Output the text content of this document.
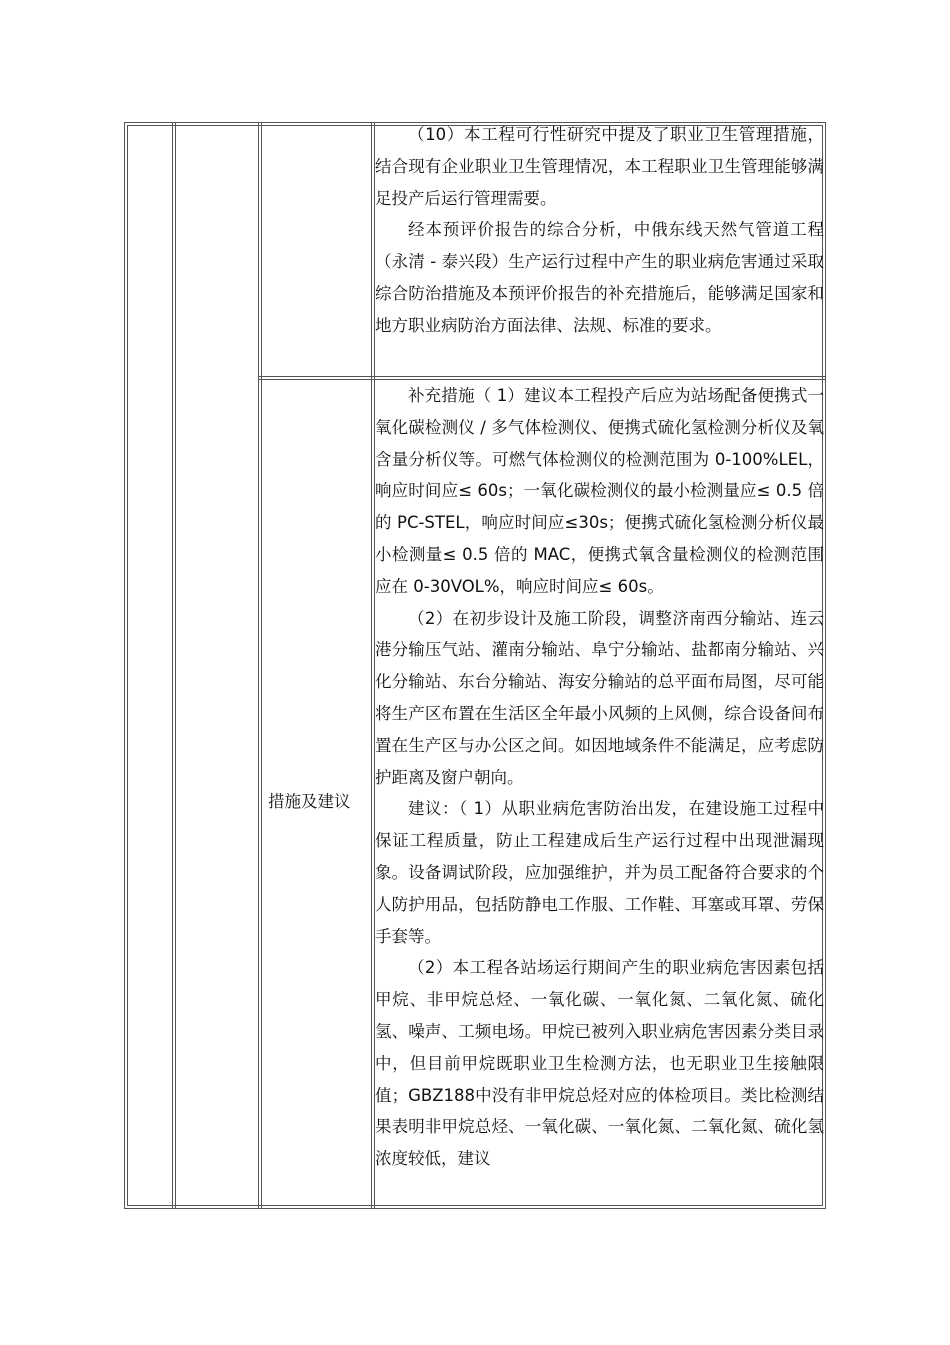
（10）本工程可行性研究中提及了职业卫生管理措施，结合现有企业职业卫生管理情况，本工程职业卫生管理能够满足投产后运行管理需要。
经本预评价报告的综合分析，中俄东线天然气管道工程（永清 - 泰兴段）生产运行过程中产生的职业病危害通过采取综合防治措施及本预评价报告的补充措施后，能够满足国家和地方职业病防治方面法律、法规、标准的要求。
措施及建议
补充措施（ 1）建议本工程投产后应为站场配备便携式一氧化碳检测仪 / 多气体检测仪、便携式硫化氢检测分析仪及氧含量分析仪等。可燃气体检测仪的检测范围为 0-100%LEL，响应时间应≤ 60s；一氧化碳检测仪的最小检测量应≤ 0.5 倍的 PC-STEL，响应时间应≤30s；便携式硫化氢检测分析仪最小检测量≤ 0.5 倍的 MAC，便携式氧含量检测仪的检测范围应在 0-30VOL%，响应时间应≤ 60s。
（2）在初步设计及施工阶段，调整济南西分输站、连云港分输压气站、灌南分输站、阜宁分输站、盐都南分输站、兴化分输站、东台分输站、海安分输站的总平面布局图，尽可能将生产区布置在生活区全年最小风频的上风侧，综合设备间布置在生产区与办公区之间。如因地域条件不能满足，应考虑防护距离及窗户朝向。
建议：（ 1）从职业病危害防治出发，在建设施工过程中保证工程质量，防止工程建成后生产运行过程中出现泄漏现象。设备调试阶段，应加强维护，并为员工配备符合要求的个人防护用品，包括防静电工作服、工作鞋、耳塞或耳罩、劳保手套等。
（2）本工程各站场运行期间产生的职业病危害因素包括甲烷、非甲烷总烃、一氧化碳、一氧化氮、二氧化氮、硫化氢、噪声、工频电场。甲烷已被列入职业病危害因素分类目录中，但目前甲烷既职业卫生检测方法，也无职业卫生接触限值；GBZ188中没有非甲烷总烃对应的体检项目。类比检测结果表明非甲烷总烃、一氧化碳、一氧化氮、二氧化氮、硫化氢浓度较低，建议
